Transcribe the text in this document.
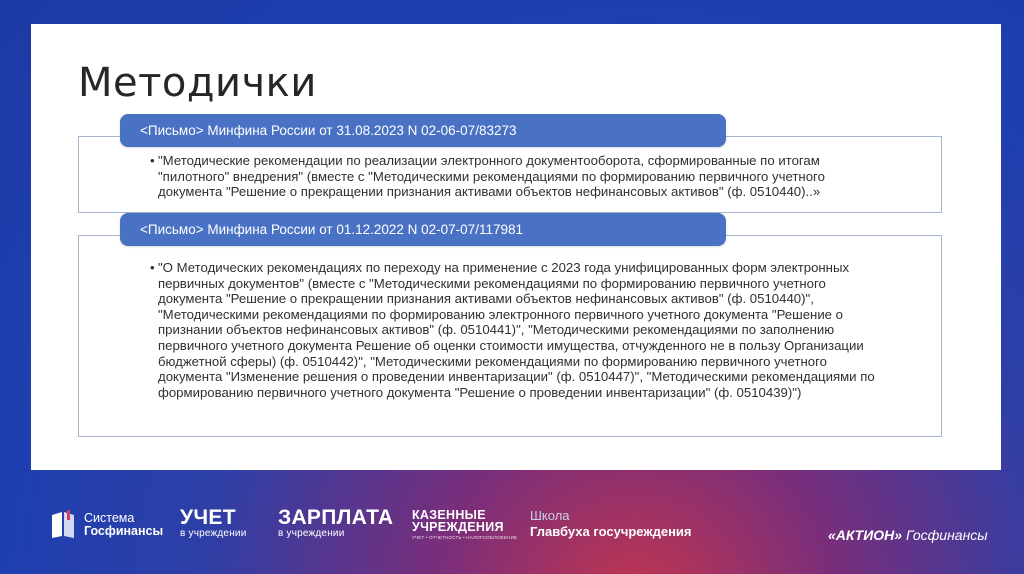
Методички
<Письмо> Минфина России от 31.08.2023 N 02-06-07/83273
• "Методические рекомендации по реализации электронного документооборота, сформированные по итогам "пилотного" внедрения" (вместе с "Методическими рекомендациями по формированию первичного учетного документа "Решение о прекращении признания активами объектов нефинансовых активов" (ф. 0510440)..»
<Письмо> Минфина России от 01.12.2022 N 02-07-07/117981
• "О Методических рекомендациях по переходу на применение с 2023 года унифицированных форм электронных первичных документов" (вместе с "Методическими рекомендациями по формированию первичного учетного документа "Решение о прекращении признания активами объектов нефинансовых активов" (ф. 0510440)", "Методическими рекомендациями по формированию электронного первичного учетного документа "Решение о признании объектов нефинансовых активов" (ф. 0510441)", "Методическими рекомендациями по заполнению первичного учетного документа Решение об оценки стоимости имущества, отчужденного не в пользу Организации бюджетной сферы) (ф. 0510442)", "Методическими рекомендациями по формированию первичного учетного документа "Изменение решения о проведении инвентаризации" (ф. 0510447)", "Методическими рекомендациями по формированию первичного учетного документа "Решение о проведении инвентаризации" (ф. 0510439)")
Система
Госфинансы
УЧЕТ
в учреждении
ЗАРПЛАТА
в учреждении
КАЗЕННЫЕ
УЧРЕЖДЕНИЯ
УЧЕТ • ОТЧЕТНОСТЬ • НАЛОГООБЛОЖЕНИЕ
Школа
Главбуха госучреждения	«АКТИОН» Госфинансы
